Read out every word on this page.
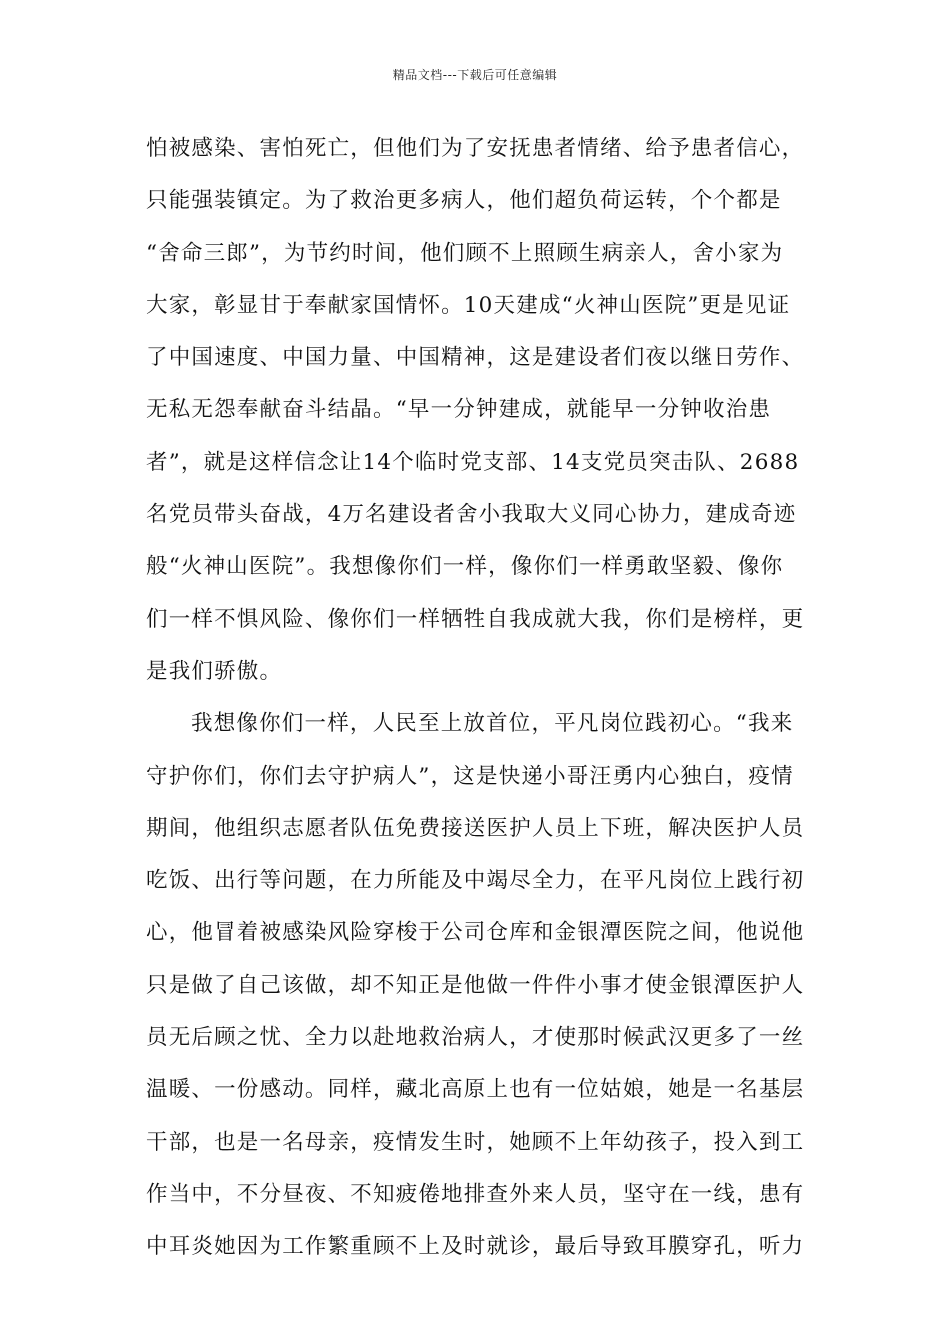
精品文档---下载后可任意编辑
怕被感染、害怕死亡，但他们为了安抚患者情绪、给予患者信心，
只能强装镇定。为了救治更多病人，他们超负荷运转，个个都是
“舍命三郎”，为节约时间，他们顾不上照顾生病亲人，舍小家为
大家，彰显甘于奉献家国情怀。10天建成“火神山医院”更是见证
了中国速度、中国力量、中国精神，这是建设者们夜以继日劳作、
无私无怨奉献奋斗结晶。“早一分钟建成，就能早一分钟收治患
者”，就是这样信念让14个临时党支部、14支党员突击队、2688
名党员带头奋战，4万名建设者舍小我取大义同心协力，建成奇迹
般“火神山医院”。我想像你们一样，像你们一样勇敢坚毅、像你
们一样不惧风险、像你们一样牺牲自我成就大我，你们是榜样，更
是我们骄傲。
我想像你们一样，人民至上放首位，平凡岗位践初心。“我来
守护你们，你们去守护病人”，这是快递小哥汪勇内心独白，疫情
期间，他组织志愿者队伍免费接送医护人员上下班，解决医护人员
吃饭、出行等问题，在力所能及中竭尽全力，在平凡岗位上践行初
心，他冒着被感染风险穿梭于公司仓库和金银潭医院之间，他说他
只是做了自己该做，却不知正是他做一件件小事才使金银潭医护人
员无后顾之忧、全力以赴地救治病人，才使那时候武汉更多了一丝
温暖、一份感动。同样，藏北高原上也有一位姑娘，她是一名基层
干部，也是一名母亲，疫情发生时，她顾不上年幼孩子，投入到工
作当中，不分昼夜、不知疲倦地排查外来人员，坚守在一线，患有
中耳炎她因为工作繁重顾不上及时就诊，最后导致耳膜穿孔，听力
